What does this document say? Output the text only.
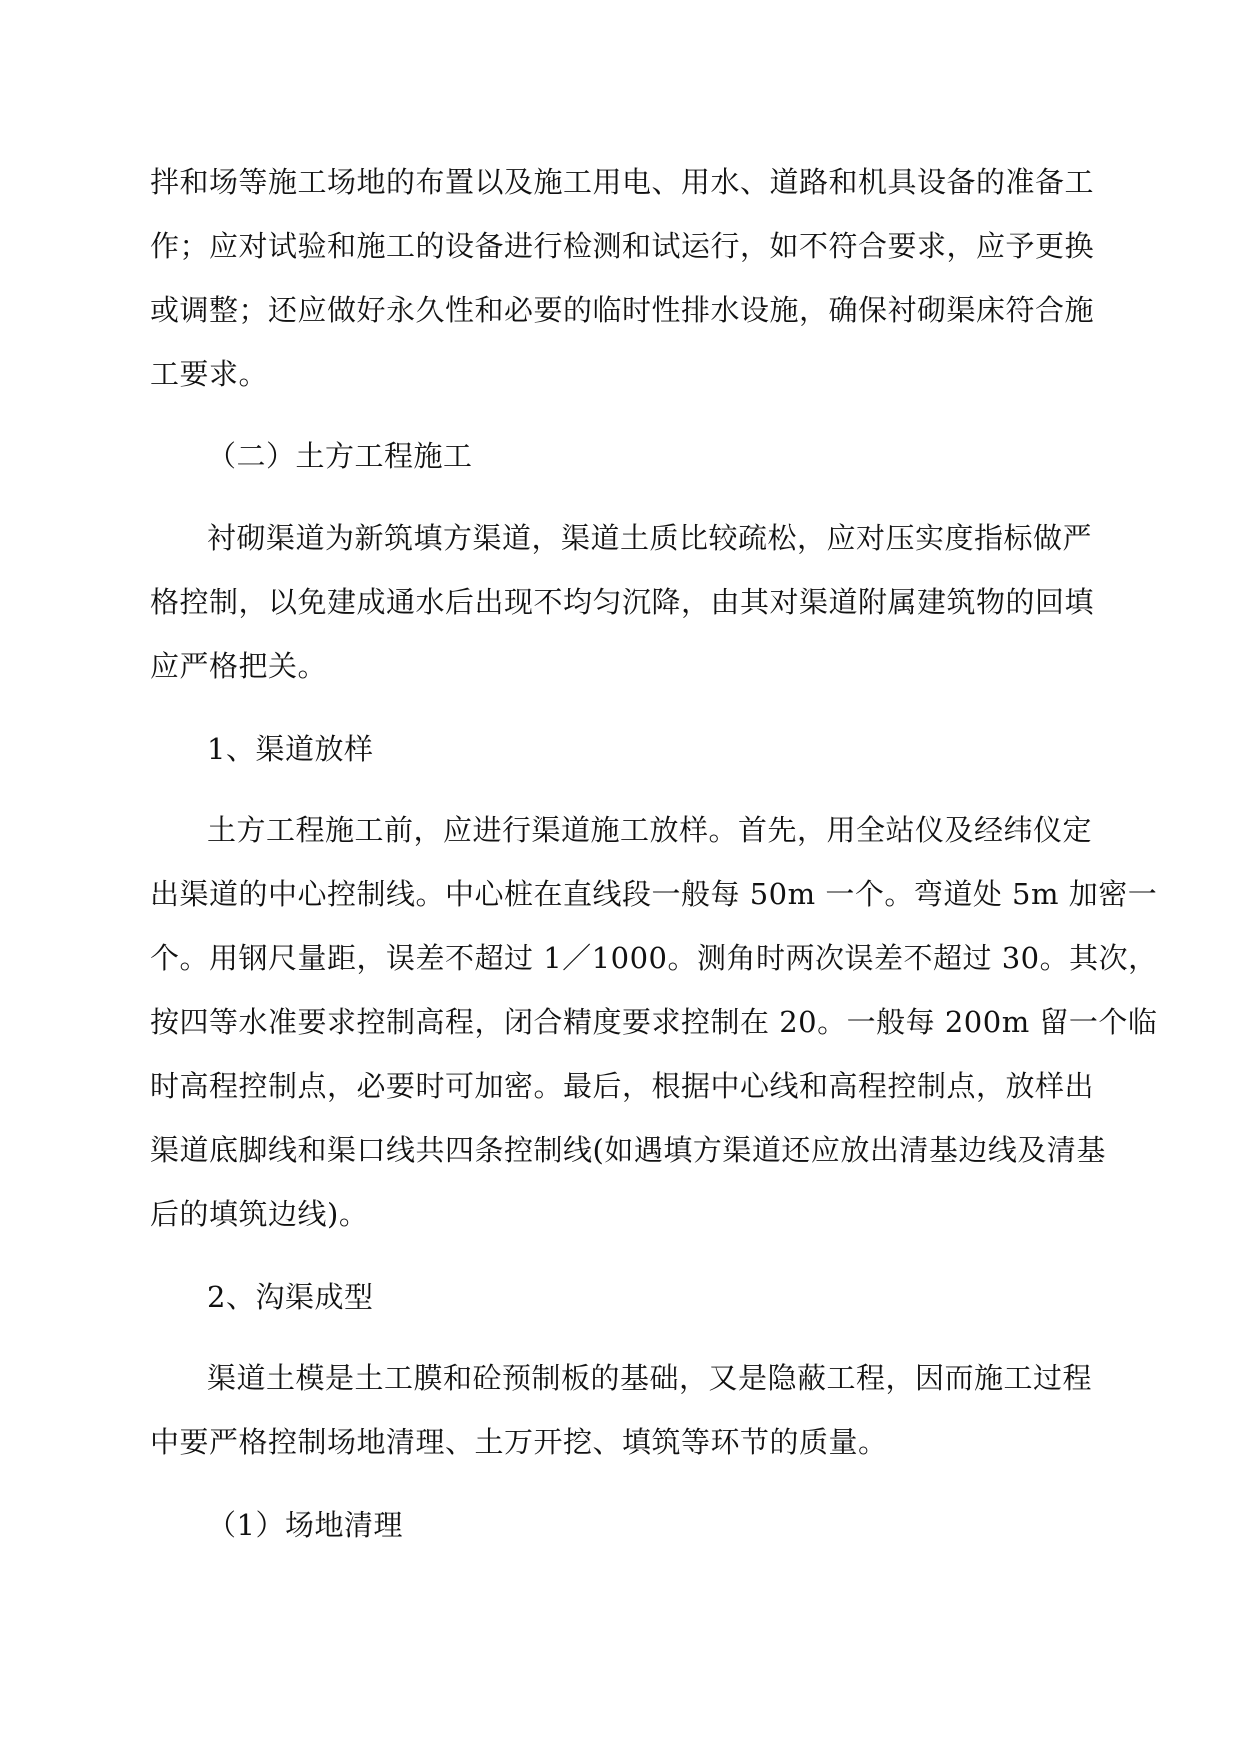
拌和场等施工场地的布置以及施工用电、用水、道路和机具设备的准备工
作；应对试验和施工的设备进行检测和试运行，如不符合要求，应予更换
或调整；还应做好永久性和必要的临时性排水设施，确保衬砌渠床符合施
工要求。
（二）土方工程施工
衬砌渠道为新筑填方渠道，渠道土质比较疏松，应对压实度指标做严
格控制，以免建成通水后出现不均匀沉降，由其对渠道附属建筑物的回填
应严格把关。
1、渠道放样
土方工程施工前，应进行渠道施工放样。首先，用全站仪及经纬仪定
出渠道的中心控制线。中心桩在直线段一般每 50m 一个。弯道处 5m 加密一
个。用钢尺量距，误差不超过 1／1000。测角时两次误差不超过 30。其次，
按四等水准要求控制高程，闭合精度要求控制在 20。一般每 200m 留一个临
时高程控制点，必要时可加密。最后，根据中心线和高程控制点，放样出
渠道底脚线和渠口线共四条控制线(如遇填方渠道还应放出清基边线及清基
后的填筑边线)。
2、沟渠成型
渠道土模是土工膜和砼预制板的基础，又是隐蔽工程，因而施工过程
中要严格控制场地清理、土万开挖、填筑等环节的质量。
（1）场地清理
